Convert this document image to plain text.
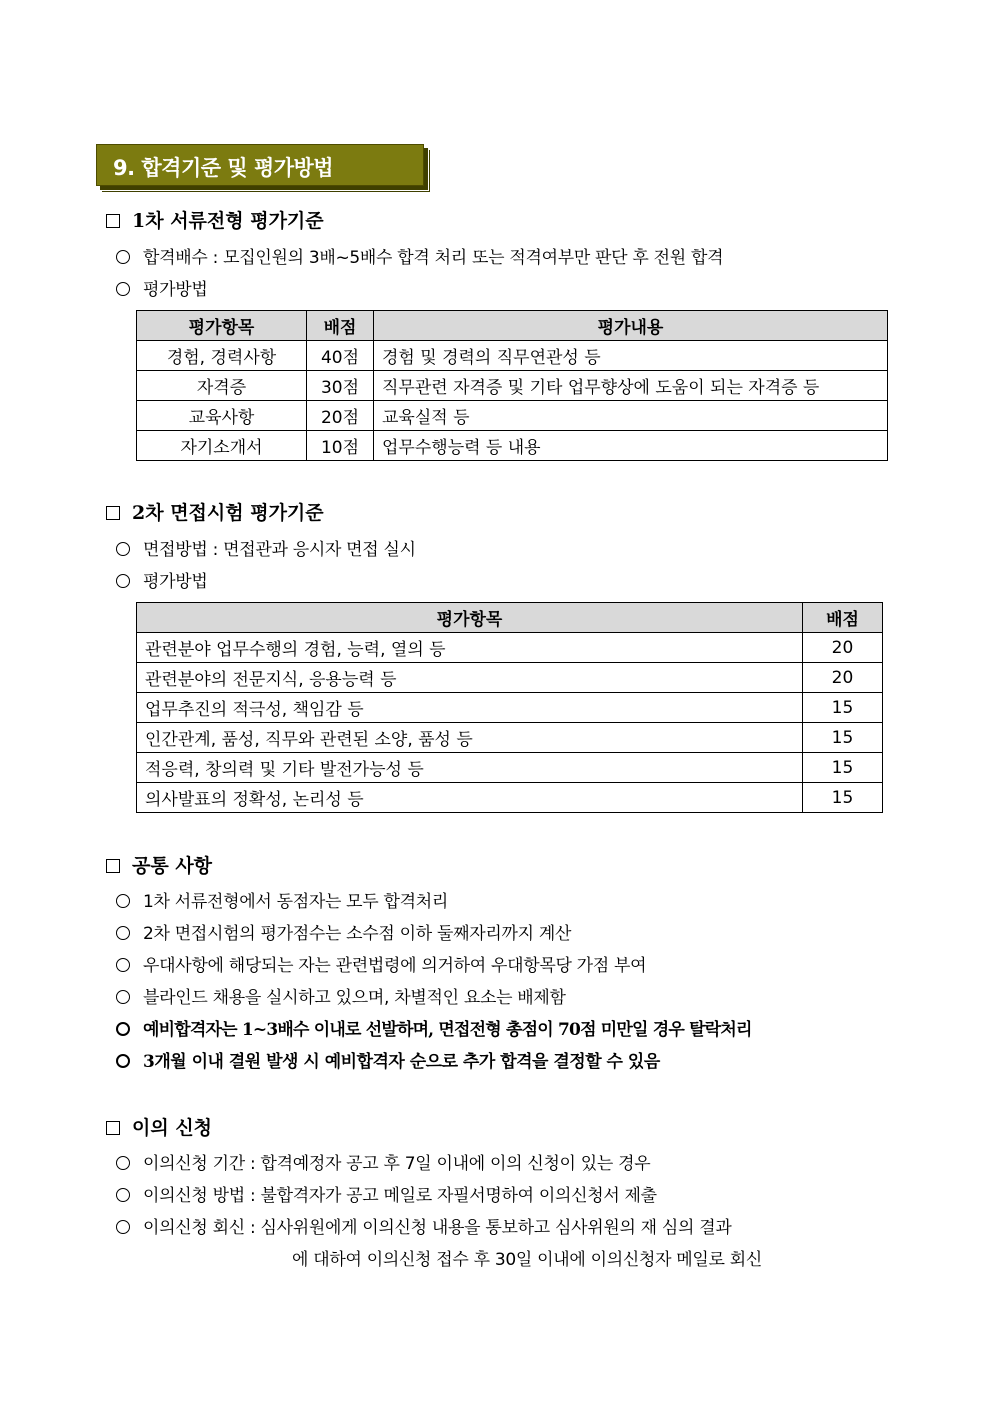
9. 합격기준 및 평가방법
1차 서류전형 평가기준
합격배수 : 모집인원의 3배~5배수 합격 처리 또는 적격여부만 판단 후 전원 합격
평가방법
평가항목	배점	평가내용
경험, 경력사항	40점	경험 및 경력의 직무연관성 등
자격증	30점	직무관련 자격증 및 기타 업무향상에 도움이 되는 자격증 등
교육사항	20점	교육실적 등
자기소개서	10점	업무수행능력 등 내용
2차 면접시험 평가기준
면접방법 : 면접관과 응시자 면접 실시
평가방법
평가항목	배점
관련분야 업무수행의 경험, 능력, 열의 등	20
관련분야의 전문지식, 응용능력 등	20
업무추진의 적극성, 책임감 등	15
인간관계, 품성, 직무와 관련된 소양, 품성 등	15
적응력, 창의력 및 기타 발전가능성 등	15
의사발표의 정확성, 논리성 등	15
공통 사항
1차 서류전형에서 동점자는 모두 합격처리
2차 면접시험의 평가점수는 소수점 이하 둘째자리까지 계산
우대사항에 해당되는 자는 관련법령에 의거하여 우대항목당 가점 부여
블라인드 채용을 실시하고 있으며, 차별적인 요소는 배제함
예비합격자는 1~3배수 이내로 선발하며, 면접전형 총점이 70점 미만일 경우 탈락처리
3개월 이내 결원 발생 시 예비합격자 순으로 추가 합격을 결정할 수 있음
이의 신청
이의신청 기간 : 합격예정자 공고 후 7일 이내에 이의 신청이 있는 경우
이의신청 방법 : 불합격자가 공고 메일로 자필서명하여 이의신청서 제출
이의신청 회신 : 심사위원에게 이의신청 내용을 통보하고 심사위원의 재 심의 결과
에 대하여 이의신청 접수 후 30일 이내에 이의신청자 메일로 회신
